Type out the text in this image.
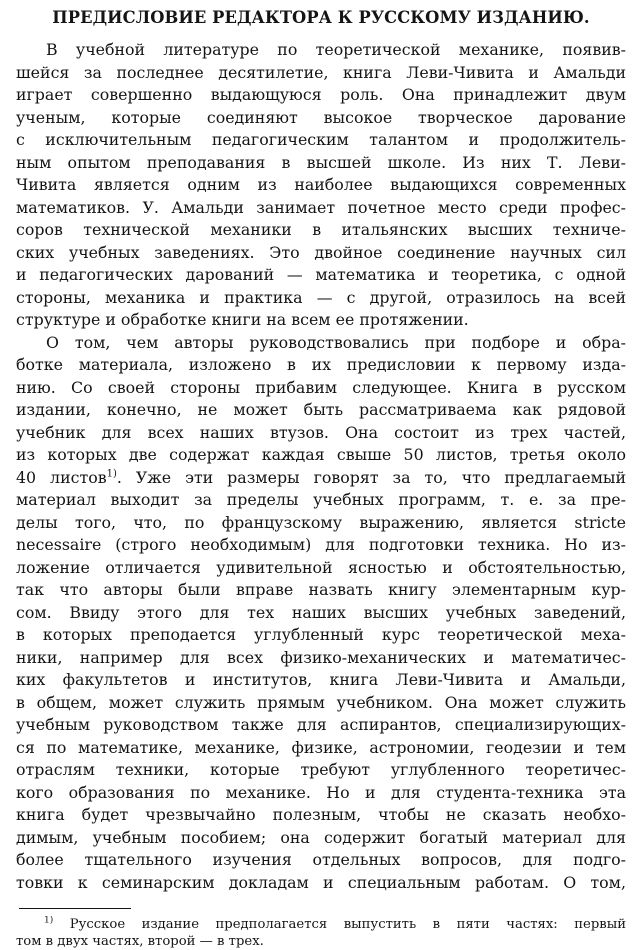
ПРЕДИСЛОВИЕ РЕДАКТОРА К РУССКОМУ ИЗДАНИЮ.

В учебной литературе по теоретической механике, появив-

шейся за последнее десятилетие, книга Леви-Чивита и Амальди

играет совершенно выдающуюся роль. Она принадлежит двум

ученым, которые соединяют высокое творческое дарование

с исключительным педагогическим талантом и продолжитель-

ным опытом преподавания в высшей школе. Из них Т. Леви-

Чивита является одним из наиболее выдающихся современных

математиков. У. Амальди занимает почетное место среди профес-

соров технической механики в итальянских высших техниче-

ских учебных заведениях. Это двойное соединение научных сил

и педагогических дарований — математика и теоретика, с одной

стороны, механика и практика — с другой, отразилось на всей

структуре и обработке книги на всем ее протяжении.

О том, чем авторы руководствовались при подборе и обра-

ботке материала, изложено в их предисловии к первому изда-

нию. Со своей стороны прибавим следующее. Книга в русском

издании, конечно, не может быть рассматриваема как рядовой

учебник для всех наших втузов. Она состоит из трех частей,

из которых две содержат каждая свыше 50 листов, третья около

40 листов$^{1)}$. Уже эти размеры говорят за то, что предлагаемый

материал выходит за пределы учебных программ, т. е. за пре-

делы того, что, по французскому выражению, является stricte

necessaire (строго необходимым) для подготовки техника. Но из-

ложение отличается удивительной ясностью и обстоятельностью,

так что авторы были вправе назвать книгу элементарным кур-

сом. Ввиду этого для тех наших высших учебных заведений,

в которых преподается углубленный курс теоретической меха-

ники, например для всех физико-механических и математичес-

ких факультетов и институтов, книга Леви-Чивита и Амальди,

в общем, может служить прямым учебником. Она может служить

учебным руководством также для аспирантов, специализирующих-

ся по математике, механике, физике, астрономии, геодезии и тем

отраслям техники, которые требуют углубленного теоретичес-

кого образования по механике. Но и для студента-техника эта

книга будет чрезвычайно полезным, чтобы не сказать необхо-

димым, учебным пособием; она содержит богатый материал для

более тщательного изучения отдельных вопросов, для подго-

товки к семинарским докладам и специальным работам. О том,

$^{1)}$ Русское издание предполагается выпустить в пяти частях: первый

том в двух частях, второй — в трех.
